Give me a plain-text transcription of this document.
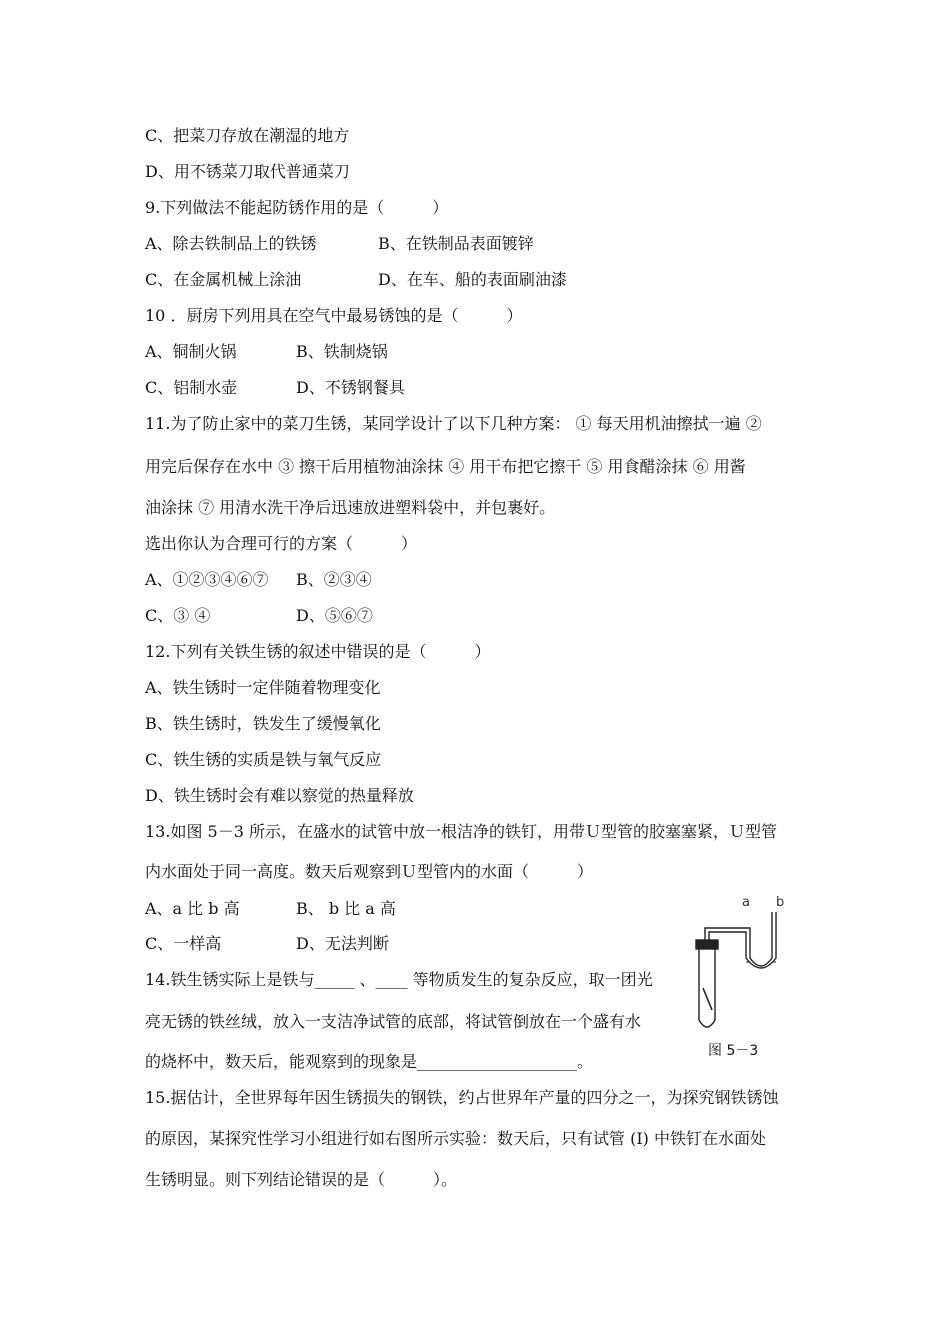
C、把菜刀存放在潮湿的地方
D、用不锈菜刀取代普通菜刀
9.下列做法不能起防锈作用的是（　　　）
A、除去铁制品上的铁锈	B、在铁制品表面镀锌
C、在金属机械上涂油	D、在车、船的表面刷油漆
10 ．厨房下列用具在空气中最易锈蚀的是（　　　）
A、铜制火锅	B、铁制烧锅
C、铝制水壶	D、不锈钢餐具
11.为了防止家中的菜刀生锈，某同学设计了以下几种方案： ① 每天用机油擦拭一遍 ②
用完后保存在水中 ③ 擦干后用植物油涂抹 ④ 用干布把它擦干 ⑤ 用食醋涂抹 ⑥ 用酱
油涂抹 ⑦ 用清水洗干净后迅速放进塑料袋中，并包裹好。
选出你认为合理可行的方案（　　　）
A、①②③④⑥⑦ B、②③④
C、③ ④	D、⑤⑥⑦
12.下列有关铁生锈的叙述中错误的是（　　　）
A、铁生锈时一定伴随着物理变化
B、铁生锈时，铁发生了缓慢氧化
C、铁生锈的实质是铁与氧气反应
D、铁生锈时会有难以察觉的热量释放
13.如图 5－3 所示，在盛水的试管中放一根洁净的铁钉，用带Ｕ型管的胶塞塞紧，Ｕ型管
内水面处于同一高度。数天后观察到Ｕ型管内的水面（　　　）
A、a 比 b 高	B、 b 比 a 高
C、一样高	D、无法判断
14.铁生锈实际上是铁与_____ 、____ 等物质发生的复杂反应，取一团光
亮无锈的铁丝绒，放入一支洁净试管的底部，将试管倒放在一个盛有水
的烧杯中，数天后，能观察到的现象是____________________。
15.据估计，全世界每年因生锈损失的钢铁，约占世界年产量的四分之一，为探究钢铁锈蚀
的原因，某探究性学习小组进行如右图所示实验：数天后，只有试管 (I) 中铁钉在水面处
生锈明显。则下列结论错误的是（　　　）。
a b
图 5－3
